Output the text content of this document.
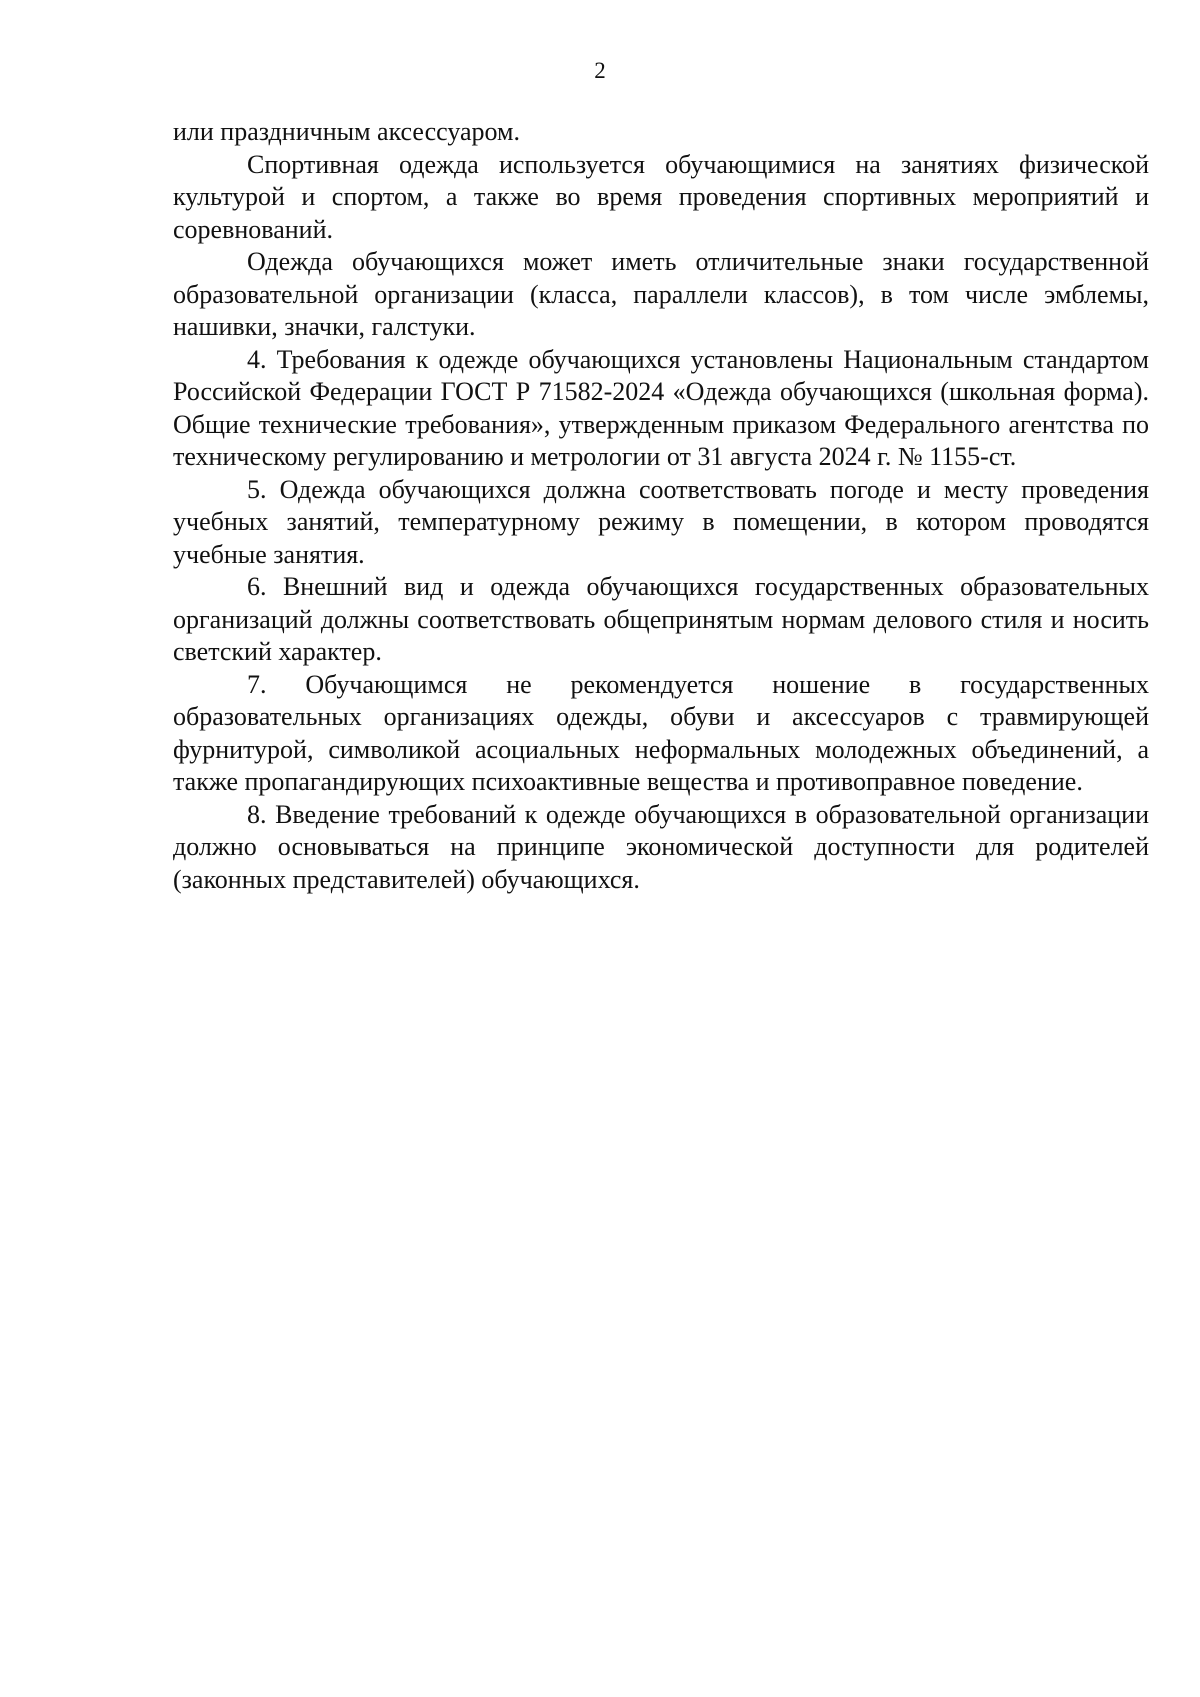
2

или праздничным аксессуаром.

Спортивная одежда используется обучающимися на занятиях физической культурой и спортом, а также во время проведения спортивных мероприятий и соревнований.

Одежда обучающихся может иметь отличительные знаки государственной образовательной организации (класса, параллели классов), в том числе эмблемы, нашивки, значки, галстуки.

4. Требования к одежде обучающихся установлены Национальным стандартом Российской Федерации ГОСТ Р 71582-2024 «Одежда обучающихся (школьная форма). Общие технические требования», утвержденным приказом Федерального агентства по техническому регулированию и метрологии от 31 августа 2024 г. № 1155-ст.

5. Одежда обучающихся должна соответствовать погоде и месту проведения учебных занятий, температурному режиму в помещении, в котором проводятся учебные занятия.

6. Внешний вид и одежда обучающихся государственных образовательных организаций должны соответствовать общепринятым нормам делового стиля и носить светский характер.

7. Обучающимся не рекомендуется ношение в государственных образовательных организациях одежды, обуви и аксессуаров с травмирующей фурнитурой, символикой асоциальных неформальных молодежных объединений, а также пропагандирующих психоактивные вещества и противоправное поведение.

8. Введение требований к одежде обучающихся в образовательной организации должно основываться на принципе экономической доступности для родителей (законных представителей) обучающихся.
